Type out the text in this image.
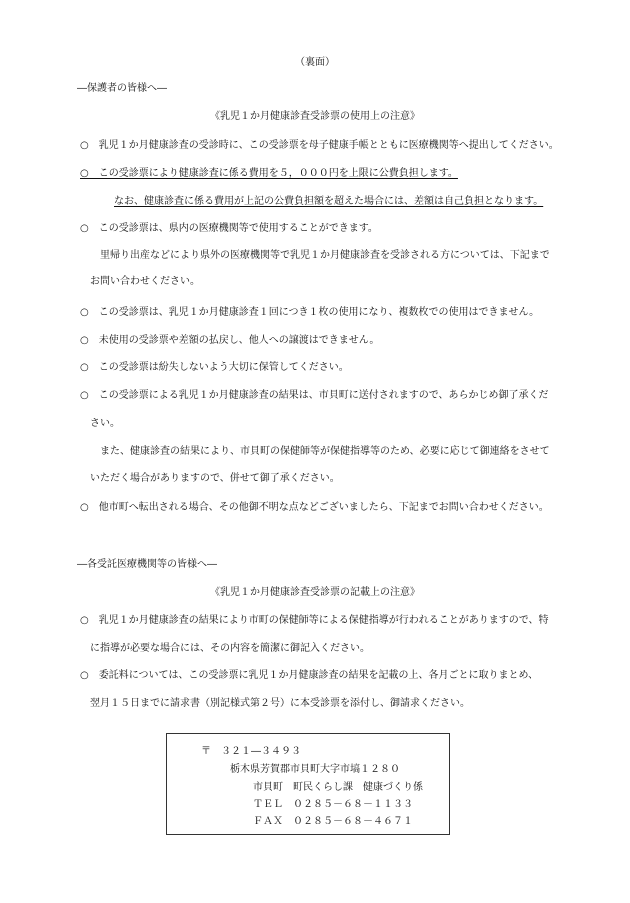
（裏面）
―保護者の皆様へ―
《乳児１か月健康診査受診票の使用上の注意》
○　乳児１か月健康診査の受診時に、この受診票を母子健康手帳とともに医療機関等へ提出してください。
○　この受診票により健康診査に係る費用を５，０００円を上限に公費負担します。
なお、健康診査に係る費用が上記の公費負担額を超えた場合には、差額は自己負担となります。
○　この受診票は、県内の医療機関等で使用することができます。
里帰り出産などにより県外の医療機関等で乳児１か月健康診査を受診される方については、下記まで
お問い合わせください。
○　この受診票は、乳児１か月健康診査１回につき１枚の使用になり、複数枚での使用はできません。
○　未使用の受診票や差額の払戻し、他人への譲渡はできません。
○　この受診票は紛失しないよう大切に保管してください。
○　この受診票による乳児１か月健康診査の結果は、市貝町に送付されますので、あらかじめ御了承くだ
さい。
また、健康診査の結果により、市貝町の保健師等が保健指導等のため、必要に応じて御連絡をさせて
いただく場合がありますので、併せて御了承ください。
○　他市町へ転出される場合、その他御不明な点などございましたら、下記までお問い合わせください。
―各受託医療機関等の皆様へ―
《乳児１か月健康診査受診票の記載上の注意》
○　乳児１か月健康診査の結果により市町の保健師等による保健指導が行われることがありますので、特
に指導が必要な場合には、その内容を簡潔に御記入ください。
○　委託料については、この受診票に乳児１か月健康診査の結果を記載の上、各月ごとに取りまとめ、
翌月１５日までに請求書（別記様式第２号）に本受診票を添付し、御請求ください。
〒　３２１―３４９３
栃木県芳賀郡市貝町大字市塙１２８０
市貝町　町民くらし課　健康づくり係
ＴＥＬ　０２８５－６８－１１３３
ＦＡＸ　０２８５－６８－４６７１
